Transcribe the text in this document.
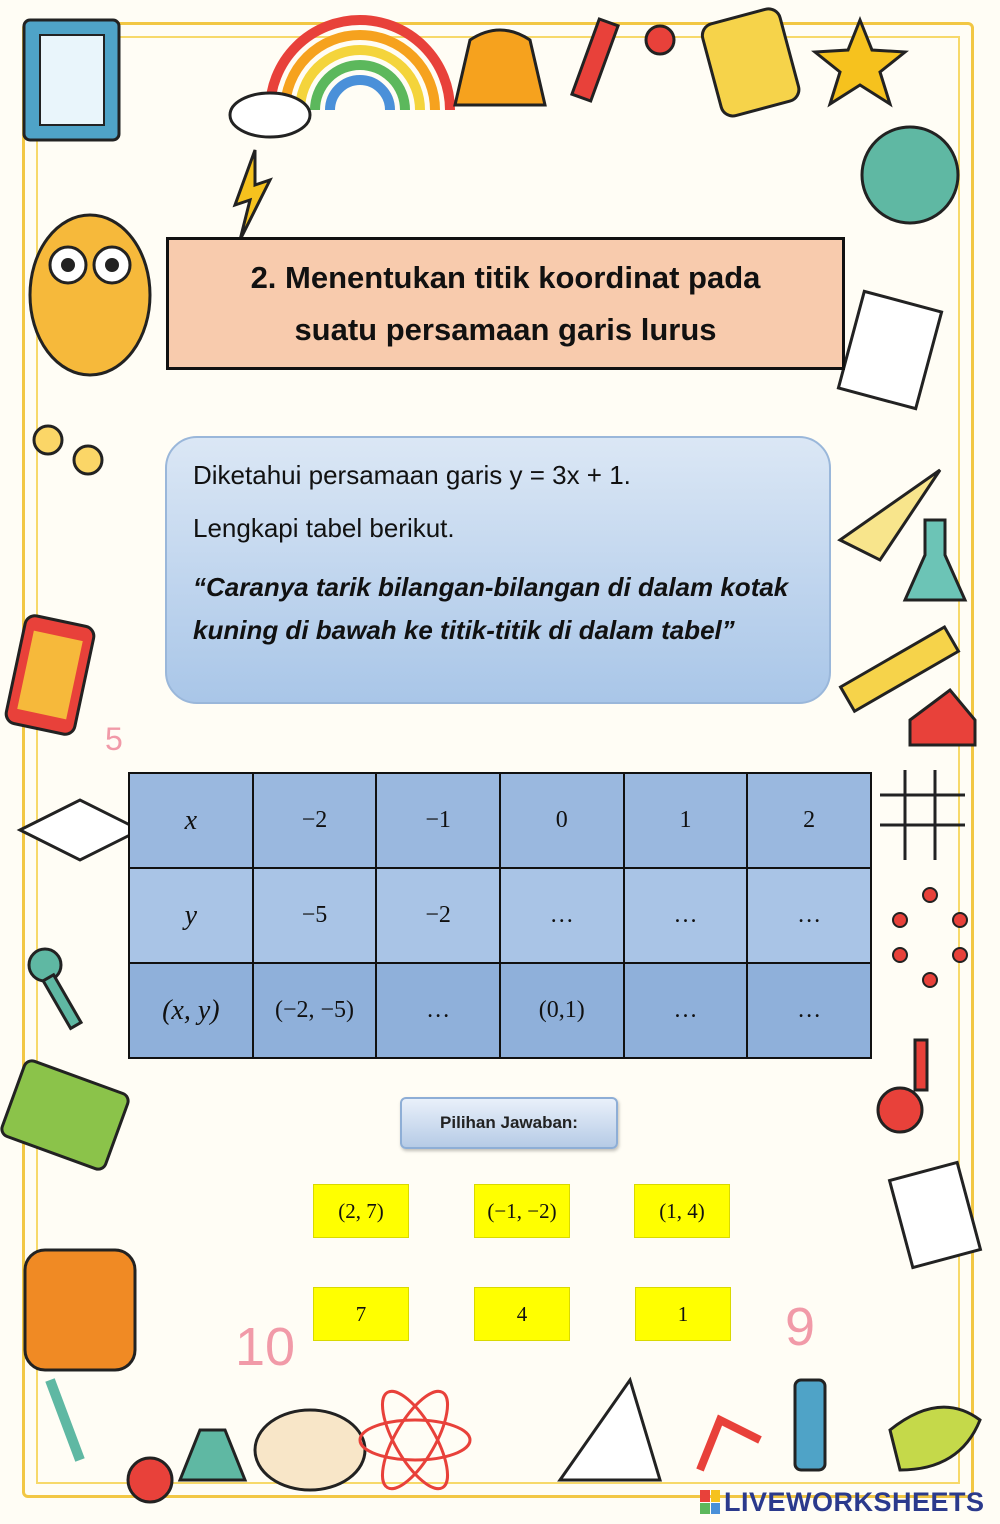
10	9
5
2. Menentukan titik koordinat pada
suatu persamaan garis lurus

Diketahui persamaan garis y = 3x + 1.

Lengkapi tabel berikut.

“Caranya tarik bilangan-bilangan di dalam kotak kuning di bawah ke titik-titik di dalam tabel”

x	−2	−1	0	1	2
y	−5	−2	…	…	…
(x, y)	(−2, −5)	…	(0,1)	…	…
Pilihan Jawaban:
(2, 7)	(−1, −2)	(1, 4)
7	4	1
LIVEWORKSHEETS
